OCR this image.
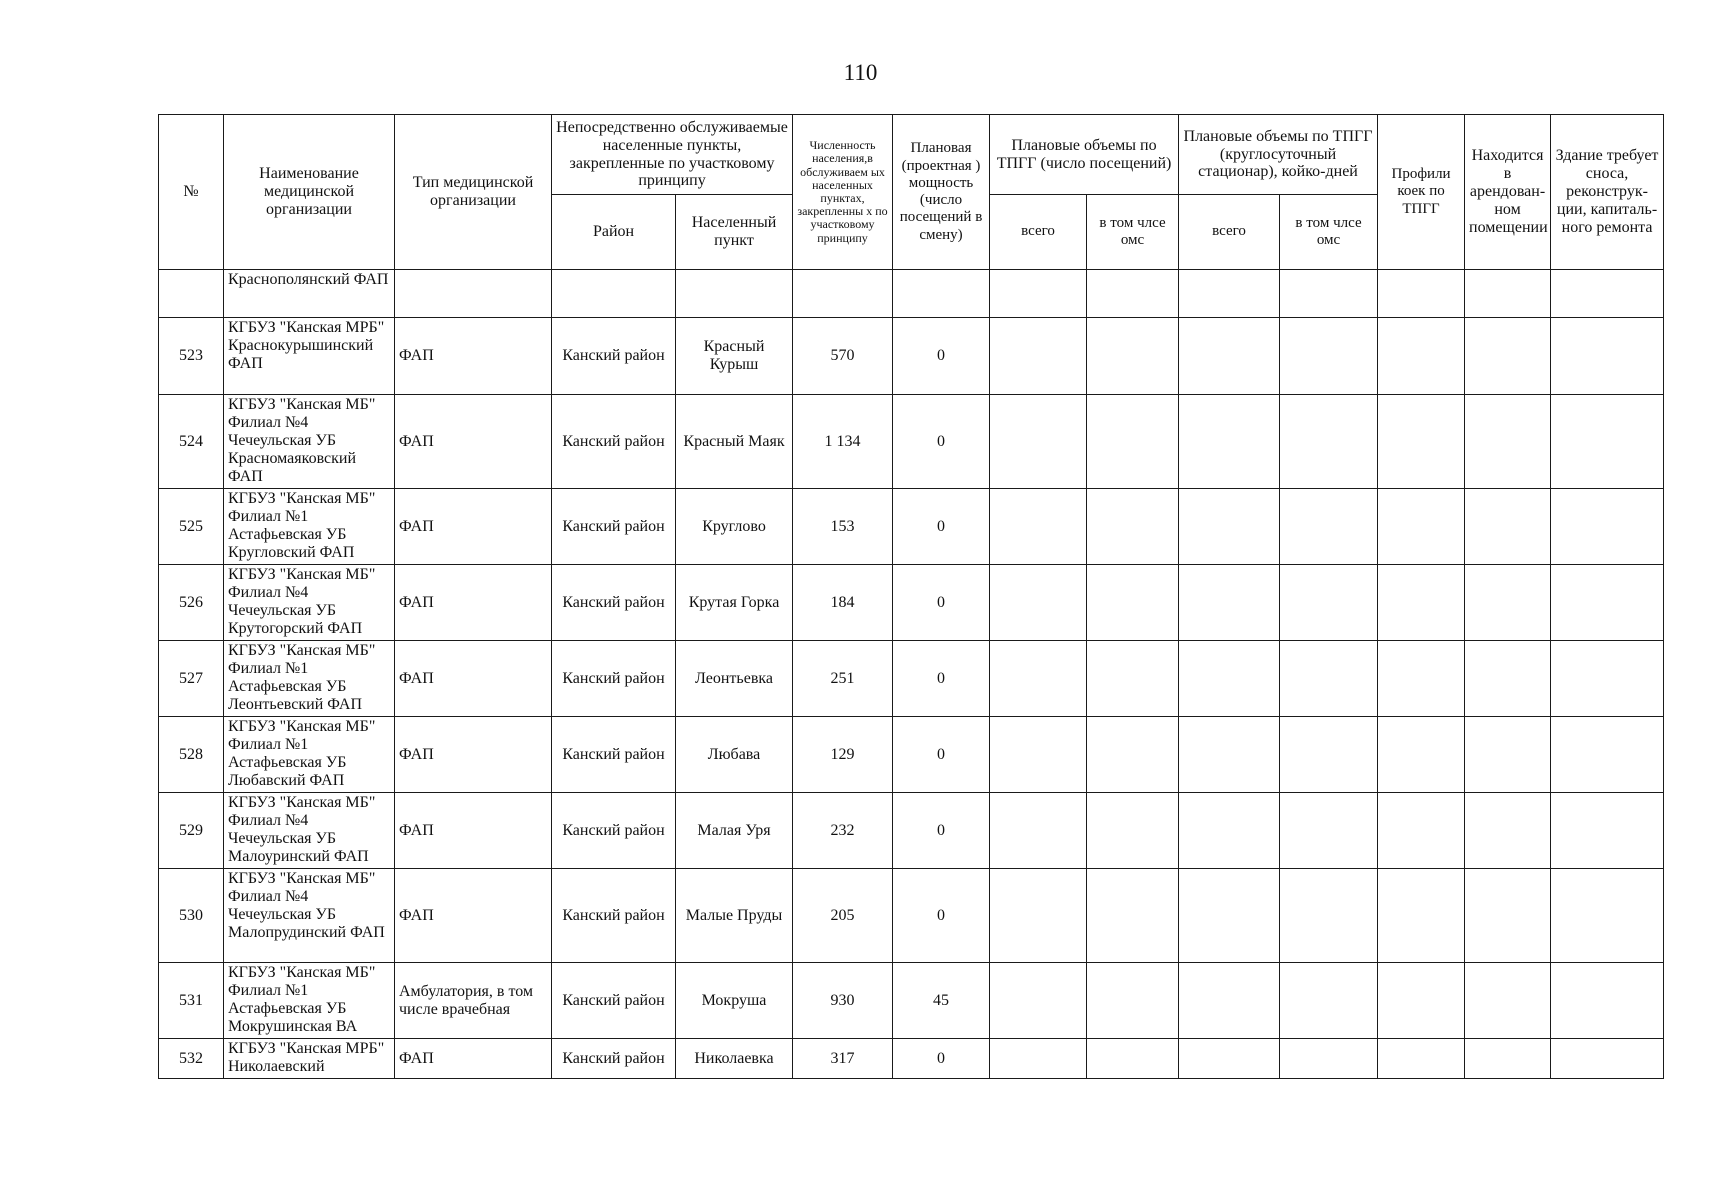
110
№	Наименование медицинской организации	Тип медицинской организации	Непосредственно обслуживаемые населенные пункты, закрепленные по участковому принципу		Численность населения,в обслуживаем ых населенных пунктах, закрепленны х по участковому принципу	Плановая (проектная ) мощность (число посещений в смену)	Плановые объемы по ТПГГ (число посещений)		Плановые объемы по ТПГГ (круглосуточный стационар), койко-дней		Профили коек по ТПГГ	Находится в арендован-ном помещении	Здание требует сноса, реконструк-ции, капиталь-ного ремонта
			Район	Населенный пункт			всего	в том члсе омс	всего	в том члсе омс			
	Краснополянский ФАП												
523	КГБУЗ "Канская МРБ" Краснокурышинский ФАП	ФАП	Канский район	Красный Курыш	570	0							
524	КГБУЗ "Канская МБ" Филиал №4 Чечеульская УБ Красномаяковский ФАП	ФАП	Канский район	Красный Маяк	1 134	0							
525	КГБУЗ "Канская МБ" Филиал №1 Астафьевская УБ Кругловский ФАП	ФАП	Канский район	Круглово	153	0							
526	КГБУЗ "Канская МБ" Филиал №4 Чечеульская УБ Крутогорский ФАП	ФАП	Канский район	Крутая Горка	184	0							
527	КГБУЗ "Канская МБ" Филиал №1 Астафьевская УБ Леонтьевский ФАП	ФАП	Канский район	Леонтьевка	251	0							
528	КГБУЗ "Канская МБ" Филиал №1 Астафьевская УБ Любавский ФАП	ФАП	Канский район	Любава	129	0							
529	КГБУЗ "Канская МБ" Филиал №4 Чечеульская УБ Малоуринский ФАП	ФАП	Канский район	Малая Уря	232	0							
530	КГБУЗ "Канская МБ" Филиал №4 Чечеульская УБ Малопрудинский ФАП	ФАП	Канский район	Малые Пруды	205	0							
531	КГБУЗ "Канская МБ" Филиал №1 Астафьевская УБ Мокрушинская ВА	Амбулатория, в том числе врачебная	Канский район	Мокруша	930	45							
532	КГБУЗ "Канская МРБ" Николаевский	ФАП	Канский район	Николаевка	317	0							
